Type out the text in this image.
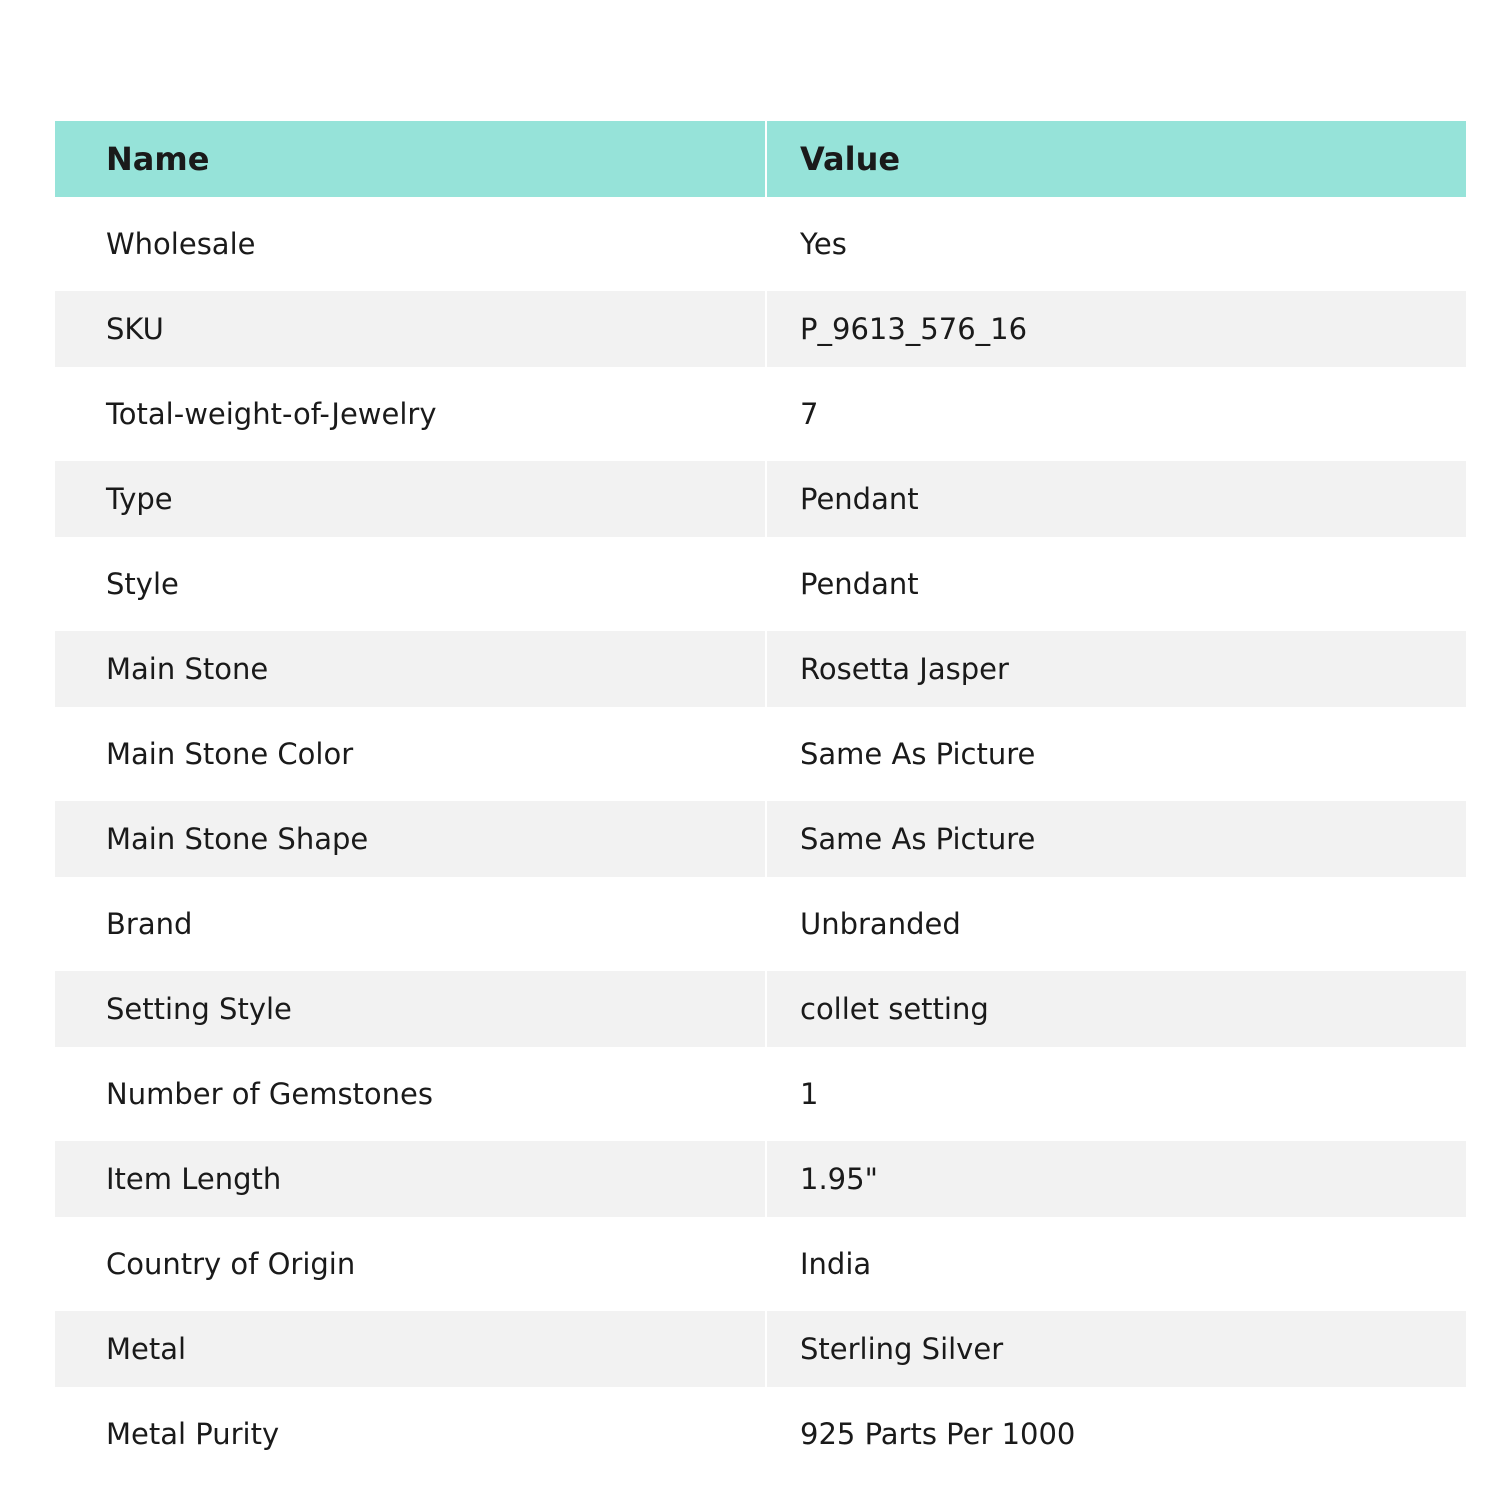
Name	Value
Wholesale	Yes
SKU	P_9613_576_16
Total-weight-of-Jewelry	7
Type	Pendant
Style	Pendant
Main Stone	Rosetta Jasper
Main Stone Color	Same As Picture
Main Stone Shape	Same As Picture
Brand	Unbranded
Setting Style	collet setting
Number of Gemstones	1
Item Length	1.95"
Country of Origin	India
Metal	Sterling Silver
Metal Purity	925 Parts Per 1000
